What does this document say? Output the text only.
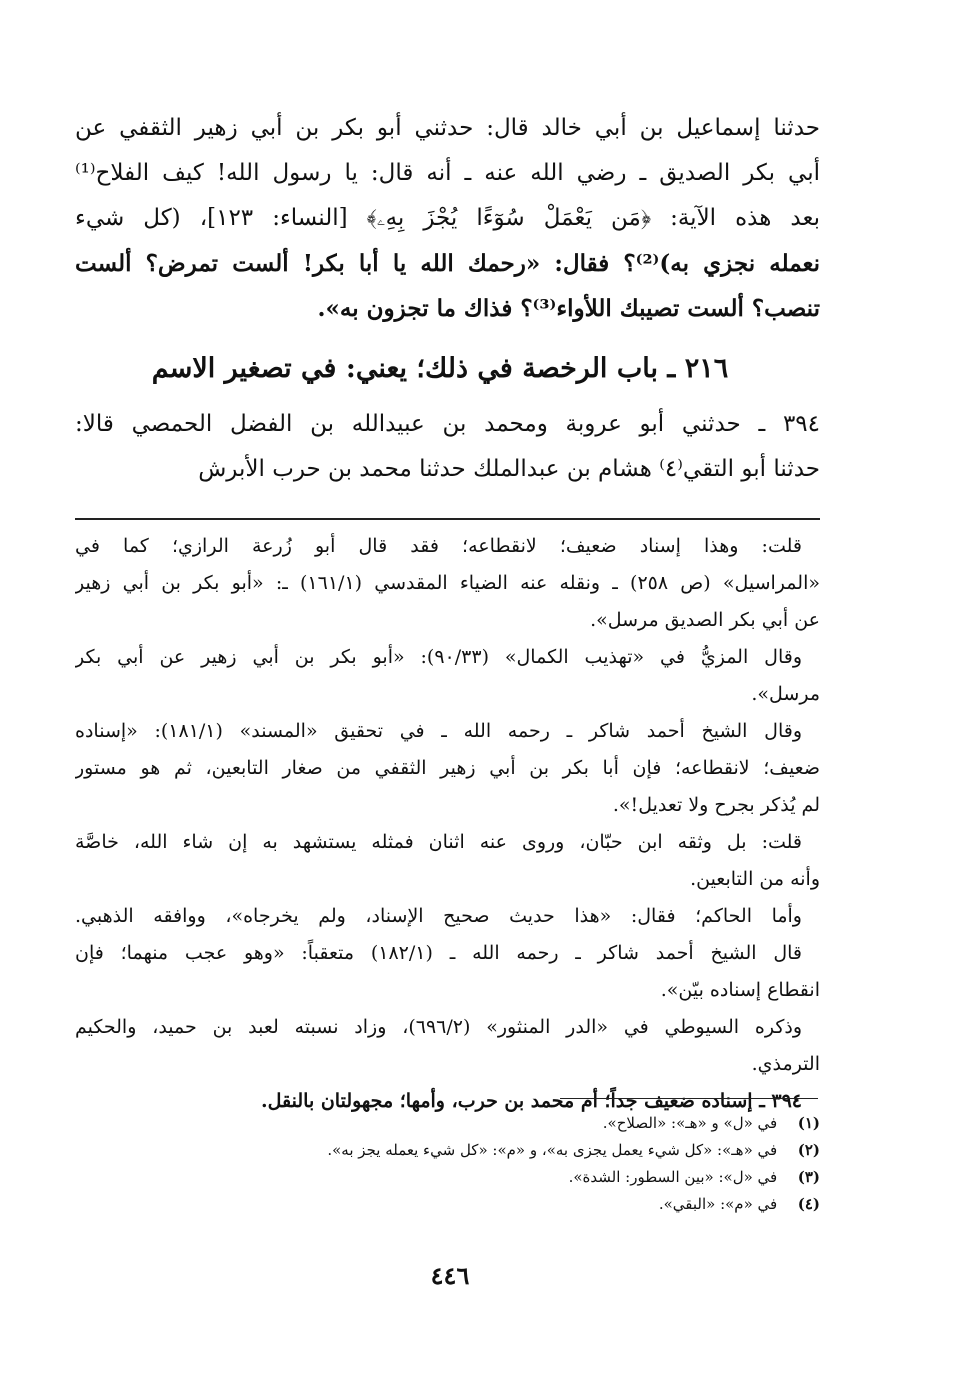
حدثنا إسماعيل بن أبي خالد قال: حدثني أبو بكر بن أبي زهير الثقفي عن
أبي بكر الصديق ـ رضي الله عنه ـ أنه قال: يا رسول الله! كيف الفلاح⁽¹⁾
بعد هذه الآية: ﴿مَن يَعْمَلْ سُوٓءًا يُجْزَ بِهِۦ﴾ [النساء: ١٢٣]، (كل شيء
نعمله نجزي به)⁽²⁾؟ فقال: «رحمك الله يا أبا بكر! ألست تمرض؟ ألست
تنصب؟ ألست تصيبك اللأواء⁽³⁾؟ فذاك ما تجزون به».
٢١٦ ـ باب الرخصة في ذلك؛ يعني: في تصغير الاسم
٣٩٤ ـ حدثني أبو عروبة ومحمد بن عبيدالله بن الفضل الحمصي قالا:
حدثنا أبو التقي⁽٤⁾ هشام بن عبدالملك حدثنا محمد بن حرب الأبرش
قلت: وهذا إسناد ضعيف؛ لانقطاعه؛ فقد قال أبو زُرعة الرازي؛ كما في
«المراسيل» (ص ٢٥٨) ـ ونقله عنه الضياء المقدسي (١٦١/١) ـ: «أبو بكر بن أبي زهير
عن أبي بكر الصديق مرسل».
وقال المزيُّ في «تهذيب الكمال» (٩٠/٣٣): «أبو بكر بن أبي زهير عن أبي بكر
مرسل».
وقال الشيخ أحمد شاكر ـ رحمه الله ـ في تحقيق «المسند» (١٨١/١): «إسناده
ضعيف؛ لانقطاعه؛ فإن أبا بكر بن أبي زهير الثقفي من صغار التابعين، ثم هو مستور
لم يُذكر بجرح ولا تعديل!».
قلت: بل وثقه ابن حبّان، وروى عنه اثنان فمثله يستشهد به إن شاء الله، خاصَّة
وأنه من التابعين.
وأما الحاكم؛ فقال: «هذا حديث صحيح الإسناد، ولم يخرجاه»، ووافقه الذهبي.
قال الشيخ أحمد شاكر ـ رحمه الله ـ (١٨٢/١) متعقباً: «وهو عجب منهما؛ فإن
انقطاع إسناده بيّن».
وذكره السيوطي في «الدر المنثور» (٦٩٦/٢)، وزاد نسبته لعبد بن حميد، والحكيم
الترمذي.
٣٩٤ ـ إسناده ضعيف جداً؛ أم محمد بن حرب، وأمها؛ مجهولتان بالنقل.
(١) في «ل» و «هـ»: «الصلاح».
(٢) في «هـ»: «كل شيء يعمل يجزى به»، و «م»: «كل شيء يعمله يجز به».
(٣) في «ل»: «بين السطور: الشدة».
(٤) في «م»: «البقي».
٤٤٦
